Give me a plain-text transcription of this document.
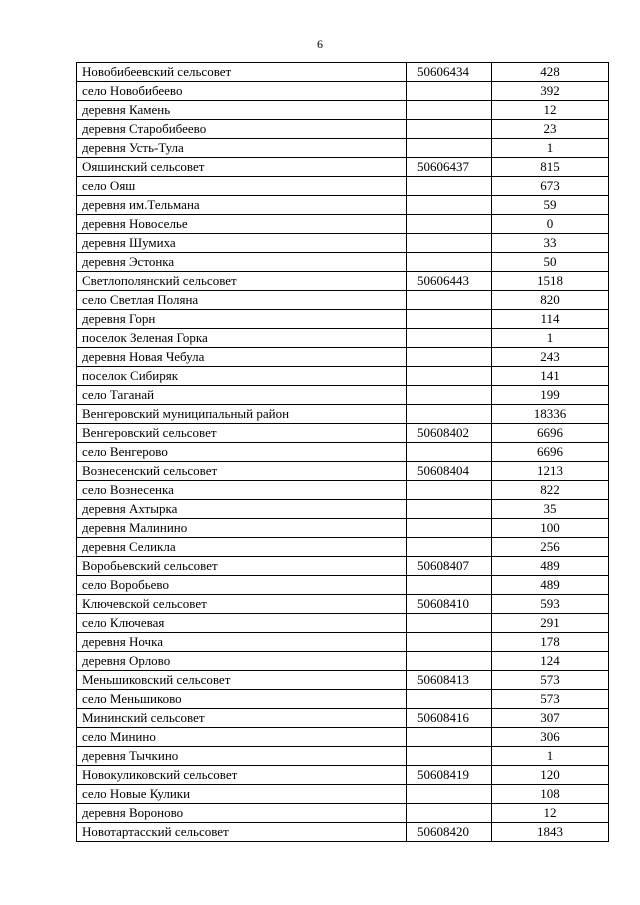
6
Новобибеевский сельсовет	50606434	428
село Новобибеево		392
деревня Камень		12
деревня Старобибеево		23
деревня Усть-Тула		1
Ояшинский сельсовет	50606437	815
село Ояш		673
деревня им.Тельмана		59
деревня Новоселье		0
деревня Шумиха		33
деревня Эстонка		50
Светлополянский сельсовет	50606443	1518
село Светлая Поляна		820
деревня Горн		114
поселок Зеленая Горка		1
деревня Новая Чебула		243
поселок Сибиряк		141
село Таганай		199
Венгеровский муниципальный район		18336
Венгеровский сельсовет	50608402	6696
село Венгерово		6696
Вознесенский сельсовет	50608404	1213
село Вознесенка		822
деревня Ахтырка		35
деревня Малинино		100
деревня Селикла		256
Воробьевский сельсовет	50608407	489
село Воробьево		489
Ключевской сельсовет	50608410	593
село Ключевая		291
деревня Ночка		178
деревня Орлово		124
Меньшиковский сельсовет	50608413	573
село Меньшиково		573
Мининский сельсовет	50608416	307
село Минино		306
деревня Тычкино		1
Новокуликовский сельсовет	50608419	120
село Новые Кулики		108
деревня Вороново		12
Новотартасский сельсовет	50608420	1843
